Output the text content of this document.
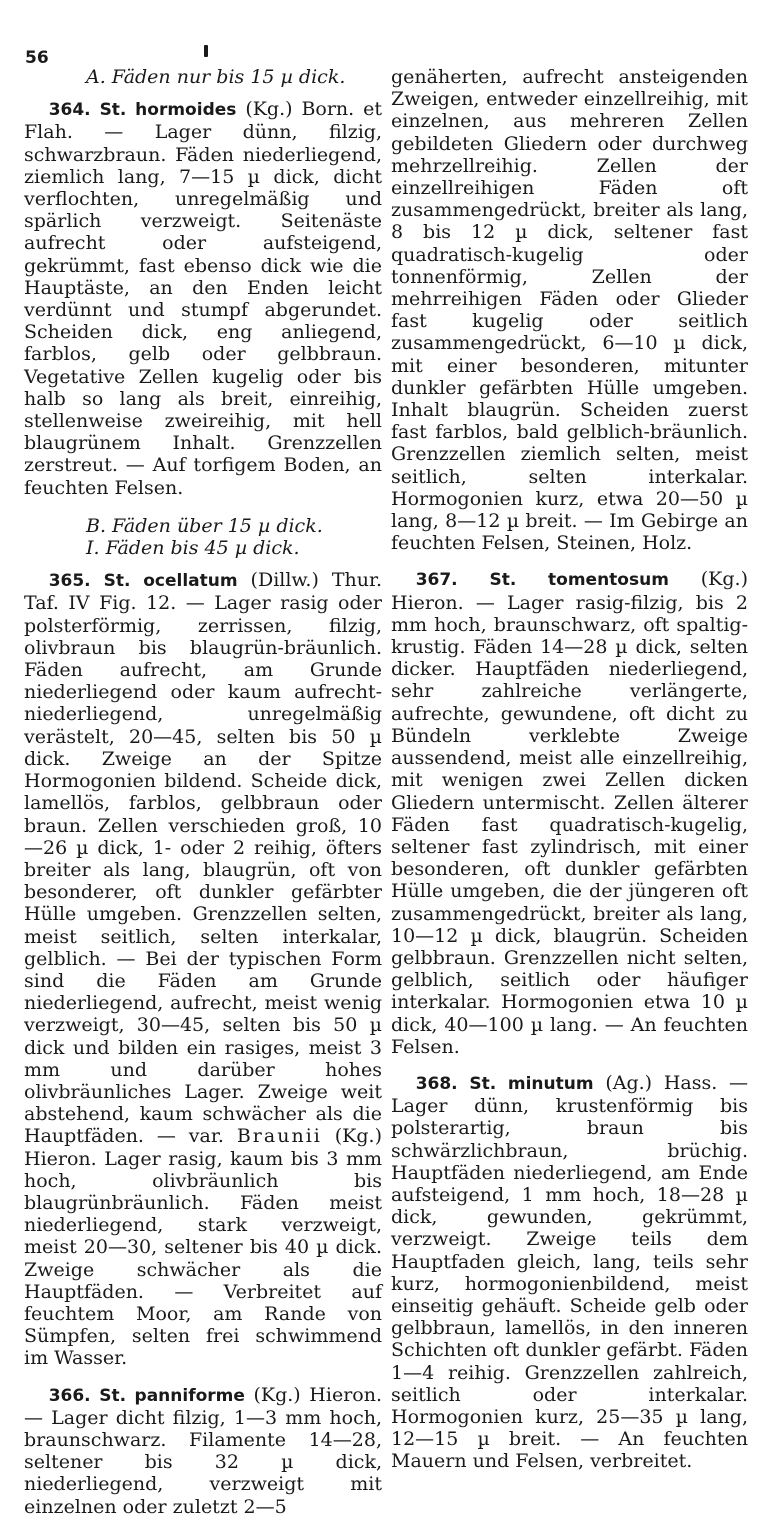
56

A. Fäden nur bis 15 µ dick.

364. St. hormoides (Kg.) Born. et Flah. — Lager dünn, filzig, schwarzbraun. Fäden niederliegend, ziemlich lang, 7—15 µ dick, dicht verflochten, unregelmäßig und spärlich verzweigt. Seitenäste aufrecht oder aufsteigend, gekrümmt, fast ebenso dick wie die Hauptäste, an den Enden leicht verdünnt und stumpf abgerundet. Scheiden dick, eng anliegend, farblos, gelb oder gelbbraun. Vegetative Zellen kugelig oder bis halb so lang als breit, einreihig, stellenweise zweireihig, mit hell blaugrünem Inhalt. Grenzzellen zerstreut. — Auf torfigem Boden, an feuchten Felsen.

B. Fäden über 15 µ dick.

I. Fäden bis 45 µ dick.

365. St. ocellatum (Dillw.) Thur. Taf. IV Fig. 12. — Lager rasig oder polsterförmig, zerrissen, filzig, olivbraun bis blaugrün-bräunlich. Fäden aufrecht, am Grunde niederliegend oder kaum aufrecht-niederliegend, unregelmäßig verästelt, 20—45, selten bis 50 µ dick. Zweige an der Spitze Hormogonien bildend. Scheide dick, lamellös, farblos, gelbbraun oder braun. Zellen verschieden groß, 10—26 µ dick, 1- oder 2 reihig, öfters breiter als lang, blaugrün, oft von besonderer, oft dunkler gefärbter Hülle umgeben. Grenzzellen selten, meist seitlich, selten interkalar, gelblich. — Bei der typischen Form sind die Fäden am Grunde niederliegend, aufrecht, meist wenig verzweigt, 30—45, selten bis 50 µ dick und bilden ein rasiges, meist 3 mm und darüber hohes olivbräunliches Lager. Zweige weit abstehend, kaum schwächer als die Hauptfäden. — var. Braunii (Kg.) Hieron. Lager rasig, kaum bis 3 mm hoch, olivbräunlich bis blaugrünbräunlich. Fäden meist niederliegend, stark verzweigt, meist 20—30, seltener bis 40 µ dick. Zweige schwächer als die Hauptfäden. — Verbreitet auf feuchtem Moor, am Rande von Sümpfen, selten frei schwimmend im Wasser.

366. St. panniforme (Kg.) Hieron. — Lager dicht filzig, 1—3 mm hoch, braunschwarz. Filamente 14—28, seltener bis 32 µ dick, niederliegend, verzweigt mit einzelnen oder zuletzt 2—5

genäherten, aufrecht ansteigenden Zweigen, entweder einzellreihig, mit einzelnen, aus mehreren Zellen gebildeten Gliedern oder durchweg mehrzellreihig. Zellen der einzellreihigen Fäden oft zusammengedrückt, breiter als lang, 8 bis 12 µ dick, seltener fast quadratisch-kugelig oder tonnenförmig, Zellen der mehrreihigen Fäden oder Glieder fast kugelig oder seitlich zusammengedrückt, 6—10 µ dick, mit einer besonderen, mitunter dunkler gefärbten Hülle umgeben. Inhalt blaugrün. Scheiden zuerst fast farblos, bald gelblich-bräunlich. Grenzzellen ziemlich selten, meist seitlich, selten interkalar. Hormogonien kurz, etwa 20—50 µ lang, 8—12 µ breit. — Im Gebirge an feuchten Felsen, Steinen, Holz.

367. St. tomentosum (Kg.) Hieron. — Lager rasig-filzig, bis 2 mm hoch, braunschwarz, oft spaltig-krustig. Fäden 14—28 µ dick, selten dicker. Hauptfäden niederliegend, sehr zahlreiche verlängerte, aufrechte, gewundene, oft dicht zu Bündeln verklebte Zweige aussendend, meist alle einzellreihig, mit wenigen zwei Zellen dicken Gliedern untermischt. Zellen älterer Fäden fast quadratisch-kugelig, seltener fast zylindrisch, mit einer besonderen, oft dunkler gefärbten Hülle umgeben, die der jüngeren oft zusammengedrückt, breiter als lang, 10—12 µ dick, blaugrün. Scheiden gelbbraun. Grenzzellen nicht selten, gelblich, seitlich oder häufiger interkalar. Hormogonien etwa 10 µ dick, 40—100 µ lang. — An feuchten Felsen.

368. St. minutum (Ag.) Hass. — Lager dünn, krustenförmig bis polsterartig, braun bis schwärzlichbraun, brüchig. Hauptfäden niederliegend, am Ende aufsteigend, 1 mm hoch, 18—28 µ dick, gewunden, gekrümmt, verzweigt. Zweige teils dem Hauptfaden gleich, lang, teils sehr kurz, hormogonienbildend, meist einseitig gehäuft. Scheide gelb oder gelbbraun, lamellös, in den inneren Schichten oft dunkler gefärbt. Fäden 1—4 reihig. Grenzzellen zahlreich, seitlich oder interkalar. Hormogonien kurz, 25—35 µ lang, 12—15 µ breit. — An feuchten Mauern und Felsen, verbreitet.
